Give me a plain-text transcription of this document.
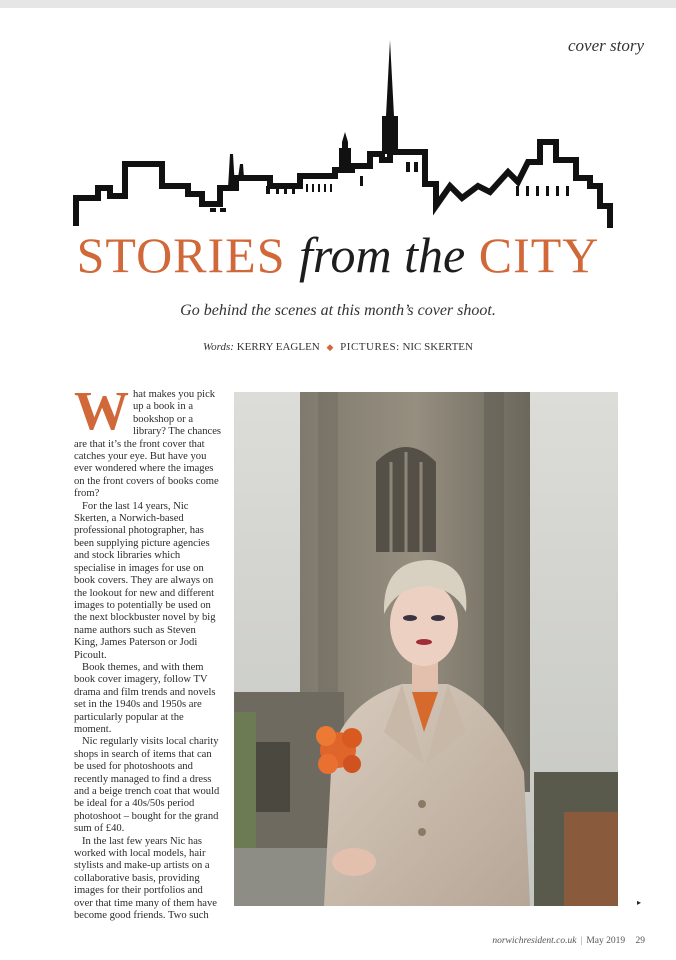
cover story
STORIES from the CITY
Go behind the scenes at this month’s cover shoot.
Words: KERRY EAGLEN ◆ PICTURES: NIC SKERTEN

What makes you pick up a book in a bookshop or a library? The chances are that it’s the front cover that catches your eye. But have you ever wondered where the images on the front covers of books come from?

For the last 14 years, Nic Skerten, a Norwich-based professional photographer, has been supplying picture agencies and stock libraries which specialise in images for use on book covers. They are always on the lookout for new and different images to potentially be used on the next blockbuster novel by big name authors such as Steven King, James Paterson or Jodi Picoult.

Book themes, and with them book cover imagery, follow TV drama and film trends and novels set in the 1940s and 1950s are particularly popular at the moment.

Nic regularly visits local charity shops in search of items that can be used for photoshoots and recently managed to find a dress and a beige trench coat that would be ideal for a 40s/50s period photoshoot – bought for the grand sum of £40.

In the last few years Nic has worked with local models, hair stylists and make-up artists on a collaborative basis, providing images for their portfolios and over that time many of them have become good friends. Two such

▸
norwichresident.co.uk | May 2019 29
